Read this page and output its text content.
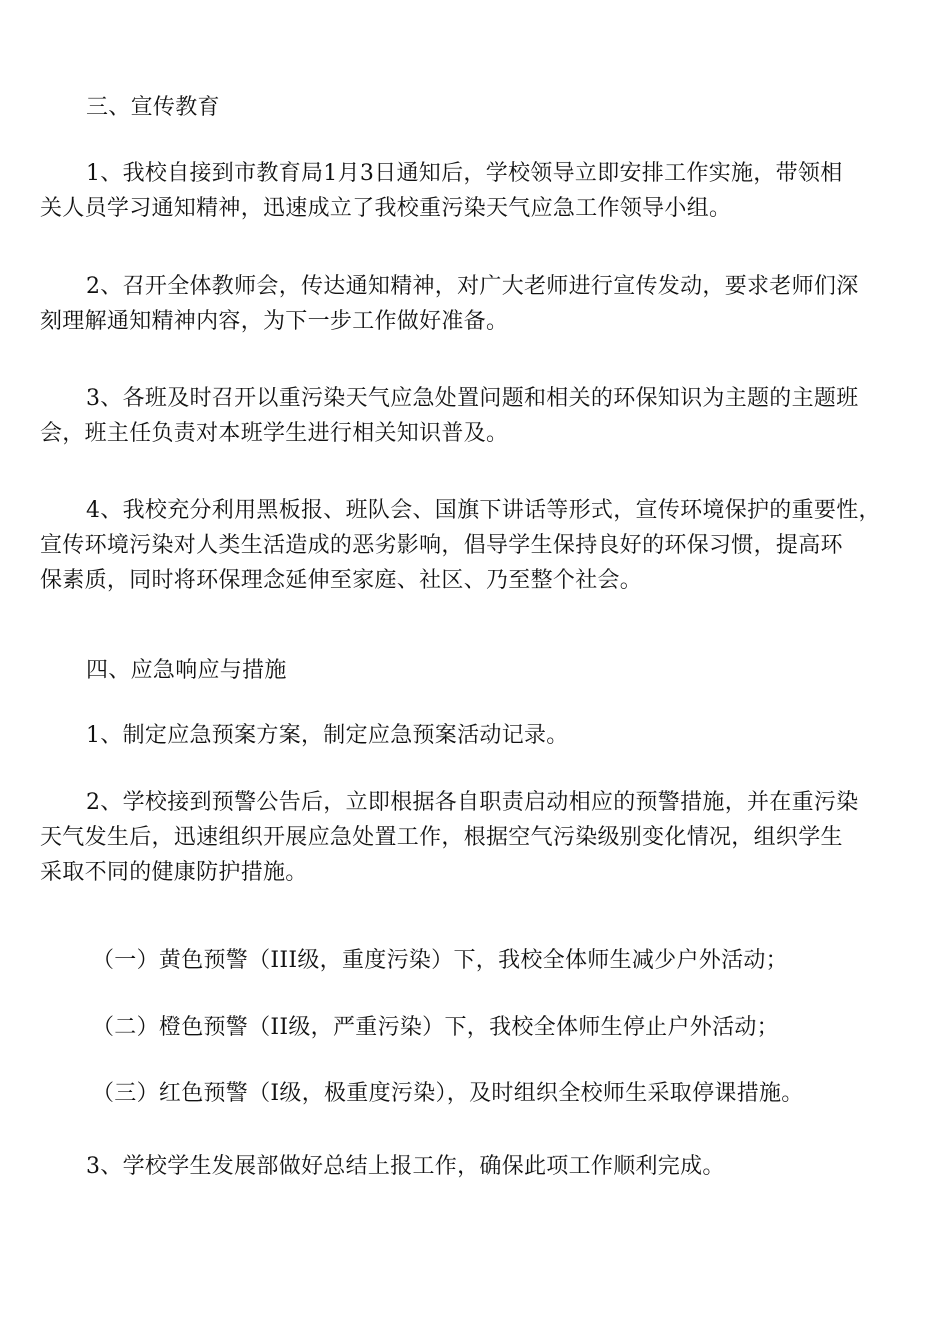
三、宣传教育
1、我校自接到市教育局1月3日通知后，学校领导立即安排工作实施，带领相
关人员学习通知精神，迅速成立了我校重污染天气应急工作领导小组。
2、召开全体教师会，传达通知精神，对广大老师进行宣传发动，要求老师们深
刻理解通知精神内容，为下一步工作做好准备。
3、各班及时召开以重污染天气应急处置问题和相关的环保知识为主题的主题班
会，班主任负责对本班学生进行相关知识普及。
4、我校充分利用黑板报、班队会、国旗下讲话等形式，宣传环境保护的重要性，
宣传环境污染对人类生活造成的恶劣影响，倡导学生保持良好的环保习惯，提高环
保素质，同时将环保理念延伸至家庭、社区、乃至整个社会。
四、应急响应与措施
1、制定应急预案方案，制定应急预案活动记录。
2、学校接到预警公告后，立即根据各自职责启动相应的预警措施，并在重污染
天气发生后，迅速组织开展应急处置工作，根据空气污染级别变化情况，组织学生
采取不同的健康防护措施。
（一）黄色预警（III级，重度污染）下，我校全体师生减少户外活动；
（二）橙色预警（II级，严重污染）下，我校全体师生停止户外活动；
（三）红色预警（I级，极重度污染），及时组织全校师生采取停课措施。
3、学校学生发展部做好总结上报工作，确保此项工作顺利完成。
